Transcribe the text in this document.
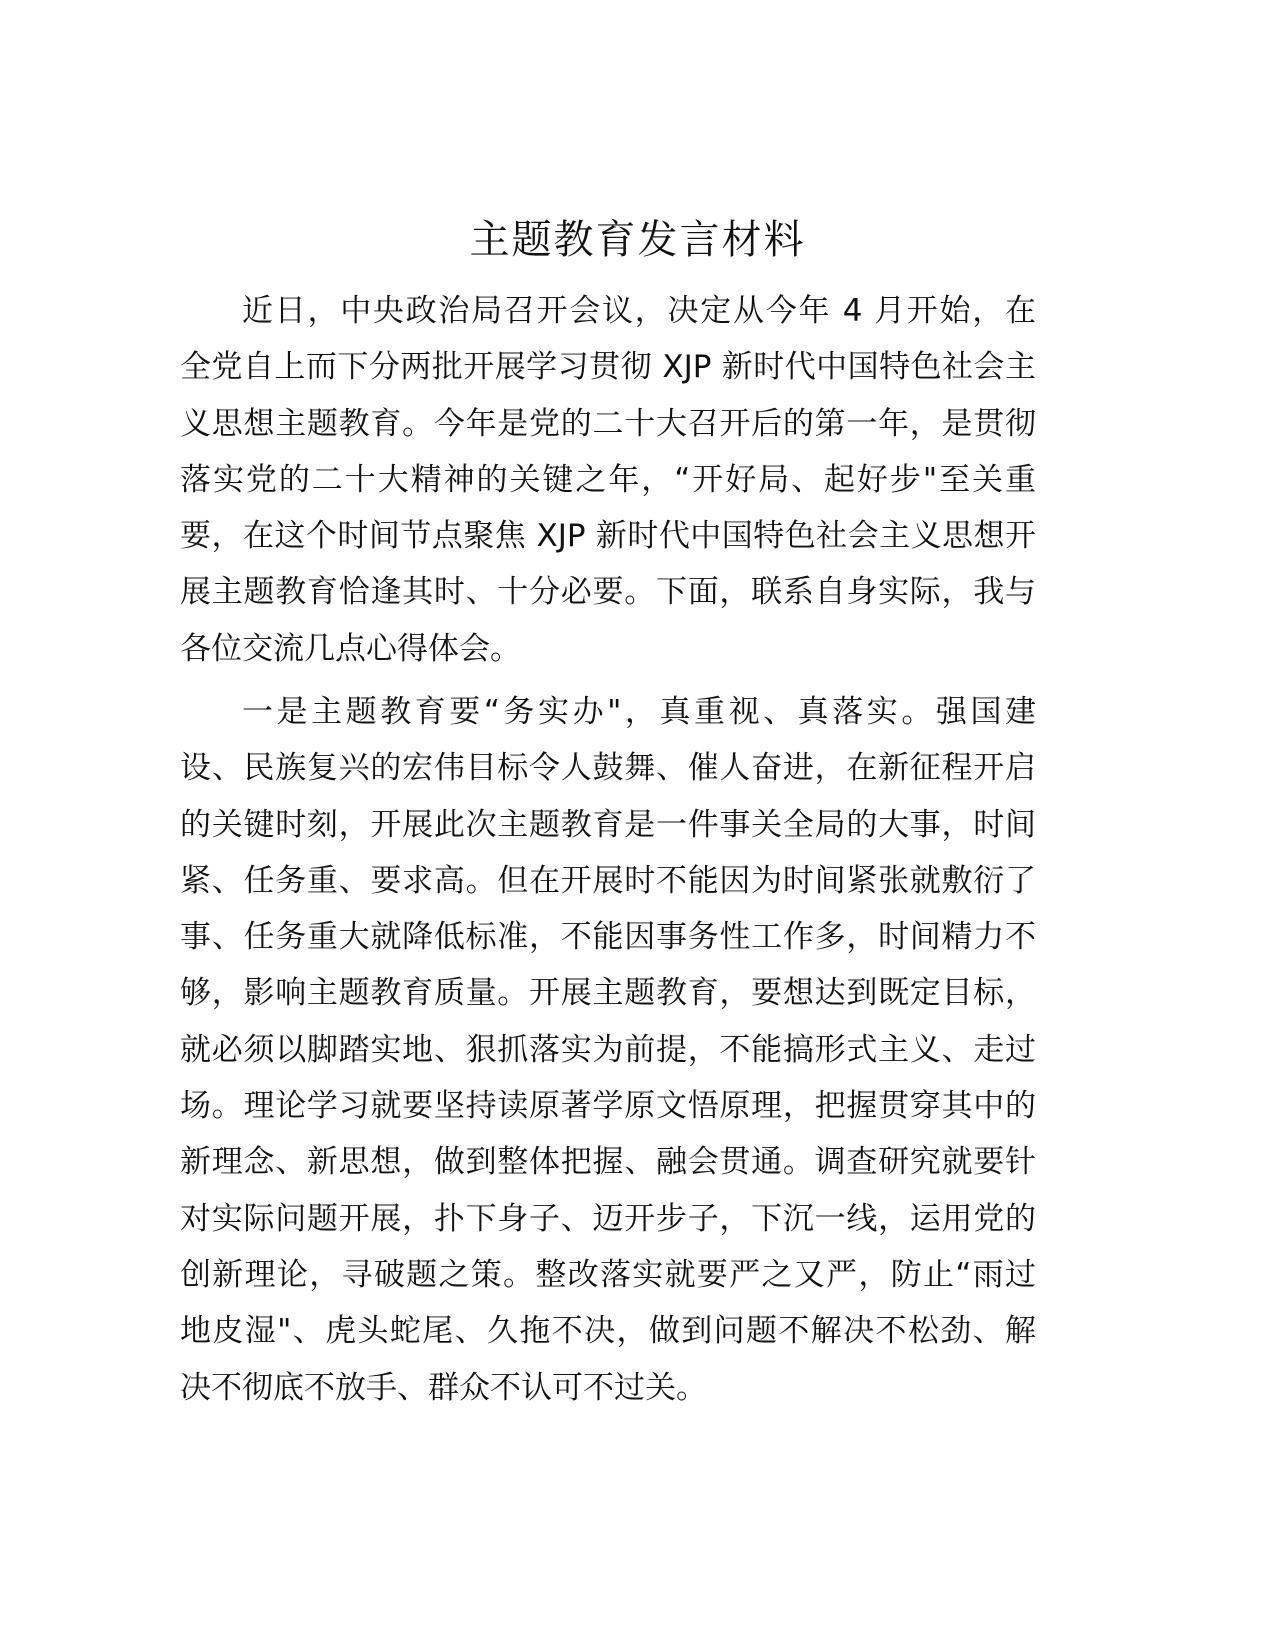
主题教育发言材料
近日，中央政治局召开会议，决定从今年 4 月开始，在
全党自上而下分两批开展学习贯彻 XJP 新时代中国特色社会主
义思想主题教育。今年是党的二十大召开后的第一年，是贯彻
落实党的二十大精神的关键之年，“开好局、起好步"至关重
要，在这个时间节点聚焦 XJP 新时代中国特色社会主义思想开
展主题教育恰逢其时、十分必要。下面，联系自身实际，我与
各位交流几点心得体会。
一是主题教育要“务实办"，真重视、真落实。强国建
设、民族复兴的宏伟目标令人鼓舞、催人奋进，在新征程开启
的关键时刻，开展此次主题教育是一件事关全局的大事，时间
紧、任务重、要求高。但在开展时不能因为时间紧张就敷衍了
事、任务重大就降低标准，不能因事务性工作多，时间精力不
够，影响主题教育质量。开展主题教育，要想达到既定目标，
就必须以脚踏实地、狠抓落实为前提，不能搞形式主义、走过
场。理论学习就要坚持读原著学原文悟原理，把握贯穿其中的
新理念、新思想，做到整体把握、融会贯通。调查研究就要针
对实际问题开展，扑下身子、迈开步子，下沉一线，运用党的
创新理论，寻破题之策。整改落实就要严之又严，防止“雨过
地皮湿"、虎头蛇尾、久拖不决，做到问题不解决不松劲、解
决不彻底不放手、群众不认可不过关。
